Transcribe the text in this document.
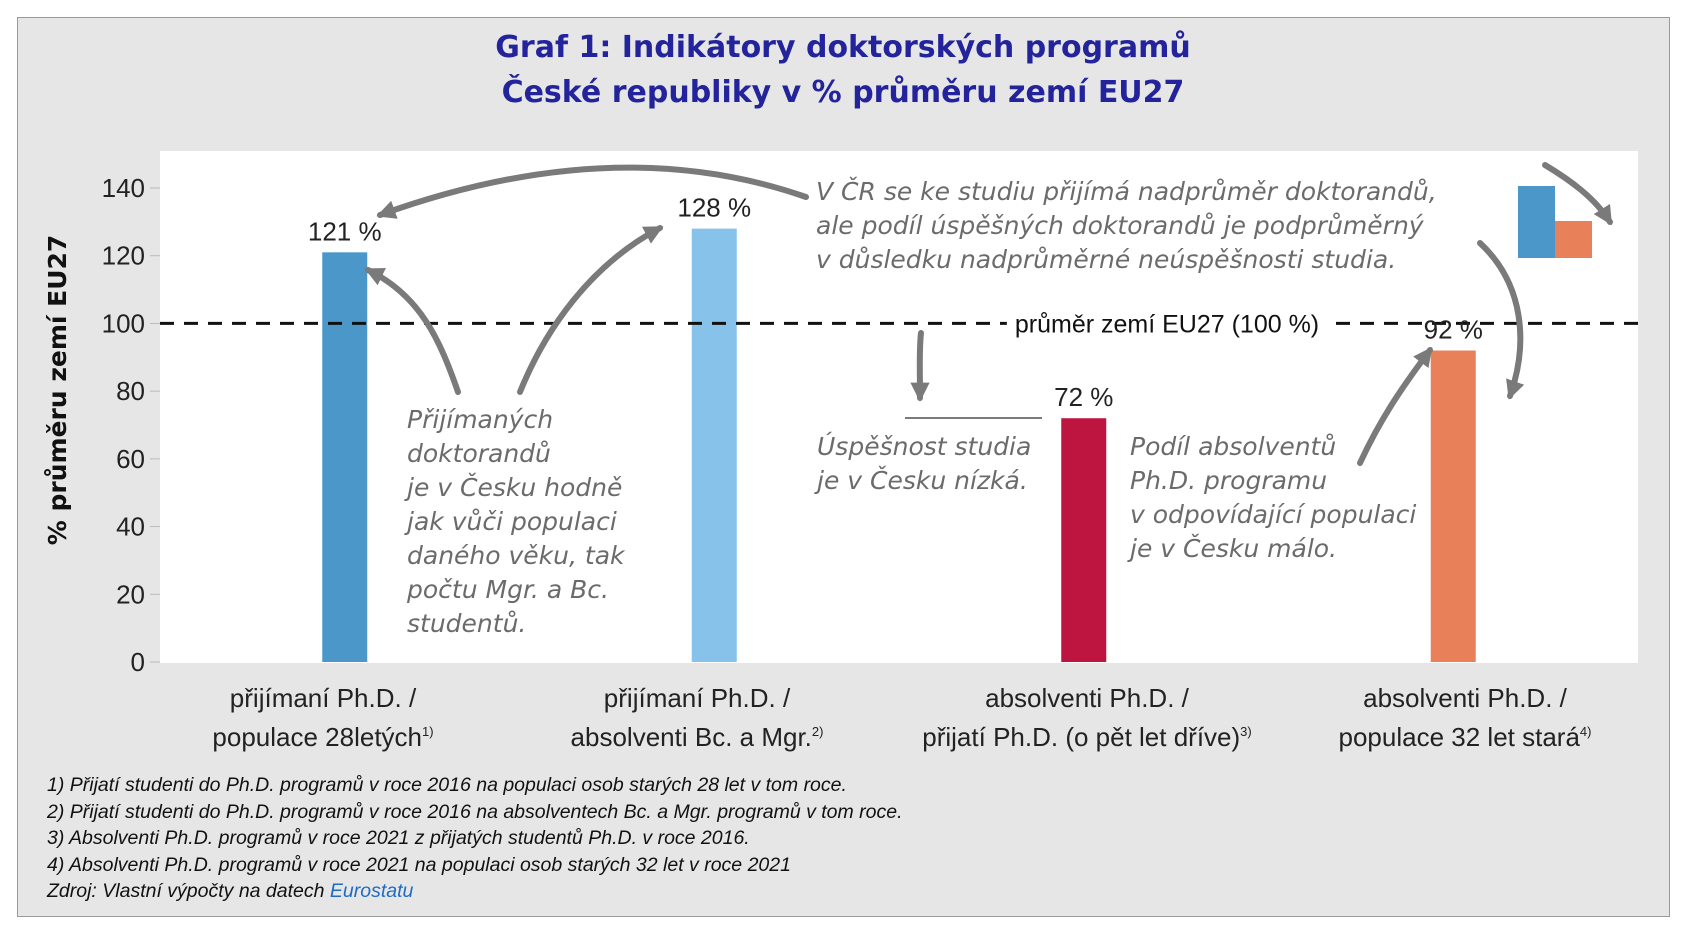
Graf 1: Indikátory doktorských programů
České republiky v % průměru zemí EU27
0
20
40
60
80
100
120
140
% průměru zemí EU27	průměr zemí EU27 (100 %)
121 %
128 %
72 %
92 %
přijímaní Ph.D. /
populace 28letých$^{1)}$
přijímaní Ph.D. /
absolventi Bc. a Mgr.$^{2)}$
absolventi Ph.D. /
přijatí Ph.D. (o pět let dříve)$^{3)}$
absolventi Ph.D. /
populace 32 let stará$^{4)}$
V ČR se ke studiu přijímá nadprůměr doktorandů,
ale podíl úspěšných doktorandů je podprůměrný
v důsledku nadprůměrné neúspěšnosti studia.
Přijímaných
doktorandů
je v Česku hodně
jak vůči populaci
daného věku, tak
počtu Mgr. a Bc.
studentů.
Úspěšnost studia
je v Česku nízká.
Podíl absolventů
Ph.D. programu
v odpovídající populaci
je v Česku málo.
1) Přijatí studenti do Ph.D. programů v roce 2016 na populaci osob starých 28 let v tom roce.
2) Přijatí studenti do Ph.D. programů v roce 2016 na absolventech Bc. a Mgr. programů v tom roce.
3) Absolventi Ph.D. programů v roce 2021 z přijatých studentů Ph.D. v roce 2016.
4) Absolventi Ph.D. programů v roce 2021 na populaci osob starých 32 let v roce 2021
Zdroj: Vlastní výpočty na datech Eurostatu
